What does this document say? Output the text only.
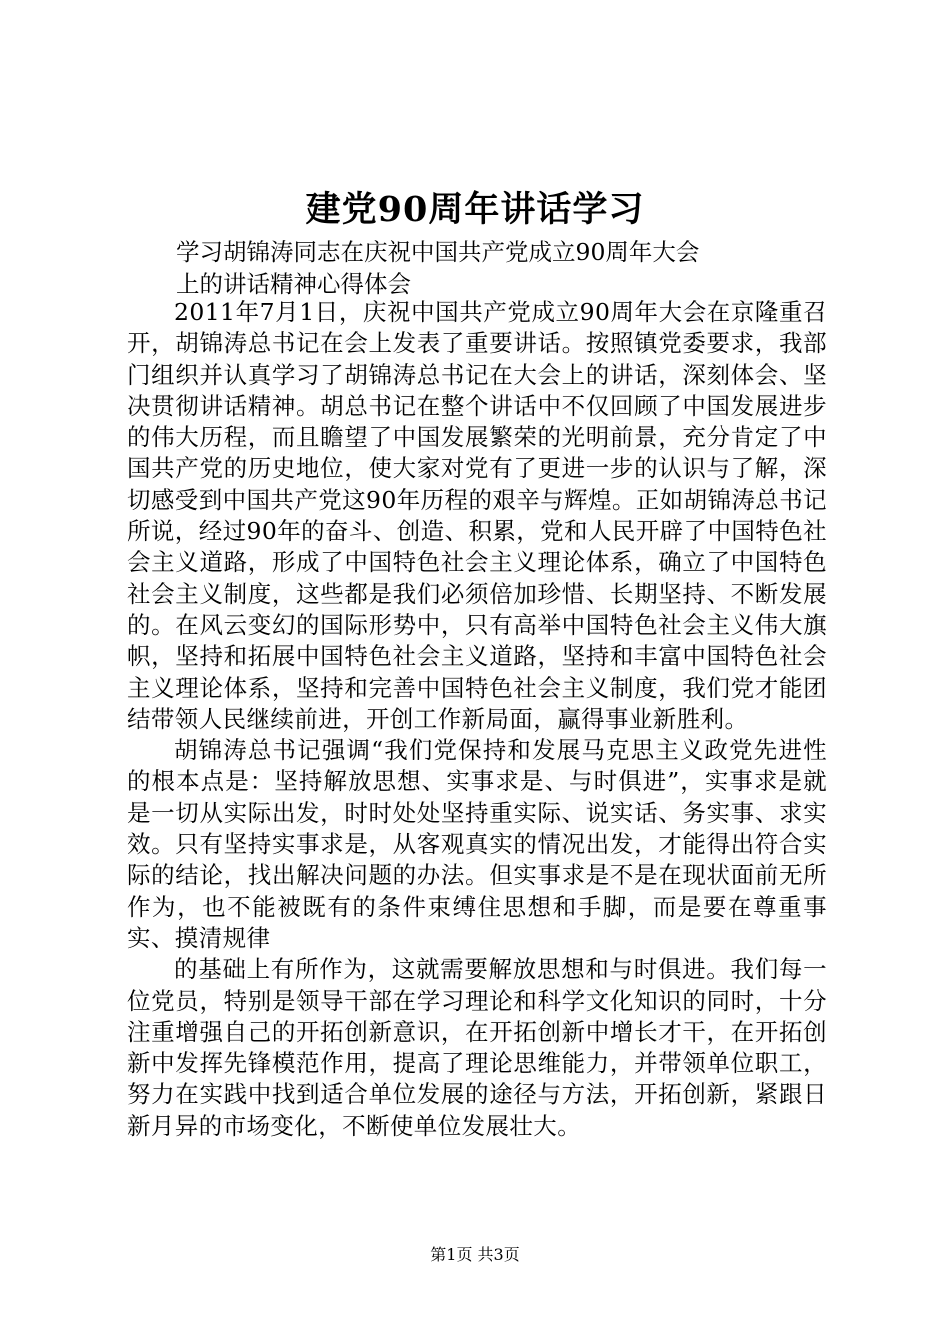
建党90周年讲话学习
学习胡锦涛同志在庆祝中国共产党成立90周年大会
上的讲话精神心得体会

2011年7月1日，庆祝中国共产党成立90周年大会在京隆重召开，胡锦涛总书记在会上发表了重要讲话。按照镇党委要求，我部门组织并认真学习了胡锦涛总书记在大会上的讲话，深刻体会、坚决贯彻讲话精神。胡总书记在整个讲话中不仅回顾了中国发展进步的伟大历程，而且瞻望了中国发展繁荣的光明前景，充分肯定了中国共产党的历史地位，使大家对党有了更进一步的认识与了解，深切感受到中国共产党这90年历程的艰辛与辉煌。正如胡锦涛总书记所说，经过90年的奋斗、创造、积累，党和人民开辟了中国特色社会主义道路，形成了中国特色社会主义理论体系，确立了中国特色社会主义制度，这些都是我们必须倍加珍惜、长期坚持、不断发展的。在风云变幻的国际形势中，只有高举中国特色社会主义伟大旗帜，坚持和拓展中国特色社会主义道路，坚持和丰富中国特色社会主义理论体系，坚持和完善中国特色社会主义制度，我们党才能团结带领人民继续前进，开创工作新局面，赢得事业新胜利。

胡锦涛总书记强调“我们党保持和发展马克思主义政党先进性的根本点是：坚持解放思想、实事求是、与时俱进”，实事求是就是一切从实际出发，时时处处坚持重实际、说实话、务实事、求实效。只有坚持实事求是，从客观真实的情况出发，才能得出符合实际的结论，找出解决问题的办法。但实事求是不是在现状面前无所作为，也不能被既有的条件束缚住思想和手脚，而是要在尊重事实、摸清规律

的基础上有所作为，这就需要解放思想和与时俱进。我们每一位党员，特别是领导干部在学习理论和科学文化知识的同时，十分注重增强自己的开拓创新意识，在开拓创新中增长才干，在开拓创新中发挥先锋模范作用，提高了理论思维能力，并带领单位职工，努力在实践中找到适合单位发展的途径与方法，开拓创新，紧跟日新月异的市场变化，不断使单位发展壮大。

第1页 共3页
